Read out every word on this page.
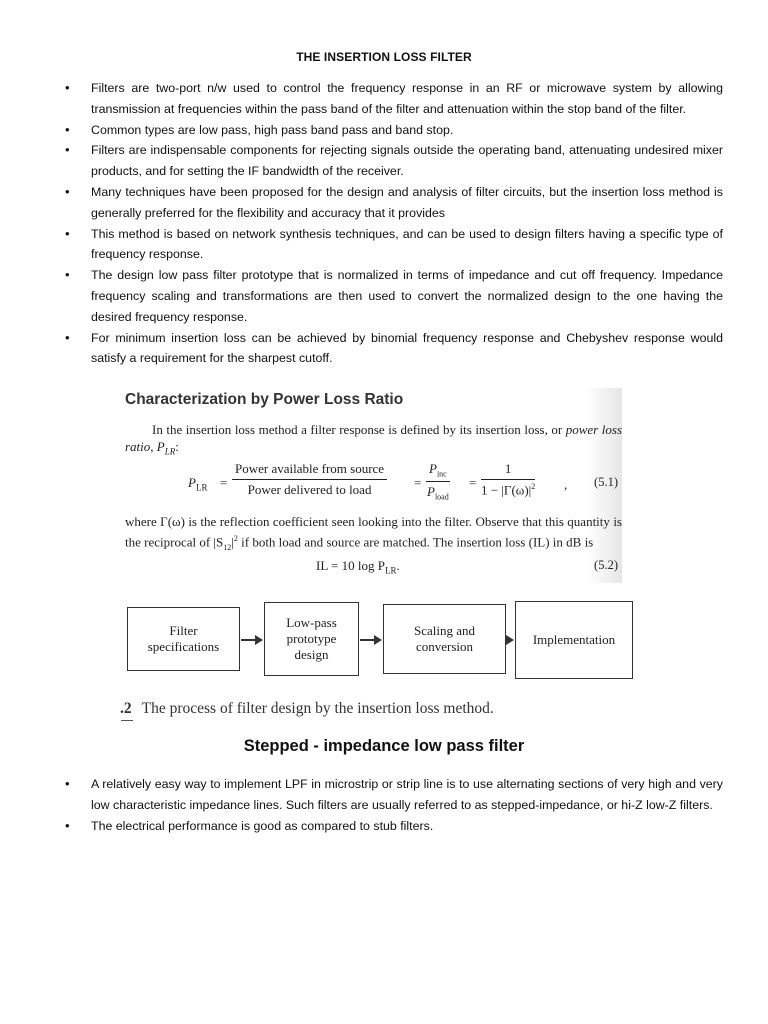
THE INSERTION LOSS FILTER
• Filters are two-port n/w used to control the frequency response in an RF or microwave system by allowing transmission at frequencies within the pass band of the filter and attenuation within the stop band of the filter.
• Common types are low pass, high pass band pass and band stop.
• Filters are indispensable components for rejecting signals outside the operating band, attenuating undesired mixer products, and for setting the IF bandwidth of the receiver.
• Many techniques have been proposed for the design and analysis of filter circuits, but the insertion loss method is generally preferred for the flexibility and accuracy that it provides
• This method is based on network synthesis techniques, and can be used to design filters having a specific type of frequency response.
• The design low pass filter prototype that is normalized in terms of impedance and cut off frequency. Impedance frequency scaling and transformations are then used to convert the normalized design to the one having the desired frequency response.
• For minimum insertion loss can be achieved by binomial frequency response and Chebyshev response would satisfy a requirement for the sharpest cutoff.
Characterization by Power Loss Ratio
In the insertion loss method a filter response is defined by its insertion loss, or power loss ratio, $P_{LR}$:
$P_{LR}$ =
Power available from source
Power delivered to load	=
$P_{inc}$
$P_{load}$
= $\frac{1}{1 - |\Gamma(\omega)|^2}$ , (5.1)
where Γ(ω) is the reflection coefficient seen looking into the filter. Observe that this quantity is the reciprocal of $|S_{12}|^2$ if both load and source are matched. The insertion loss (IL) in dB is
IL = 10 $\log P_{LR}$.	(5.2)
Filter specifications
Low-pass prototype design
Scaling and conversion	Implementation
.2 The process of filter design by the insertion loss method.
Stepped - impedance low pass filter
• A relatively easy way to implement LPF in microstrip or strip line is to use alternating sections of very high and very low characteristic impedance lines. Such filters are usually referred to as stepped-impedance, or hi-Z low-Z filters.
• The electrical performance is good as compared to stub filters.
